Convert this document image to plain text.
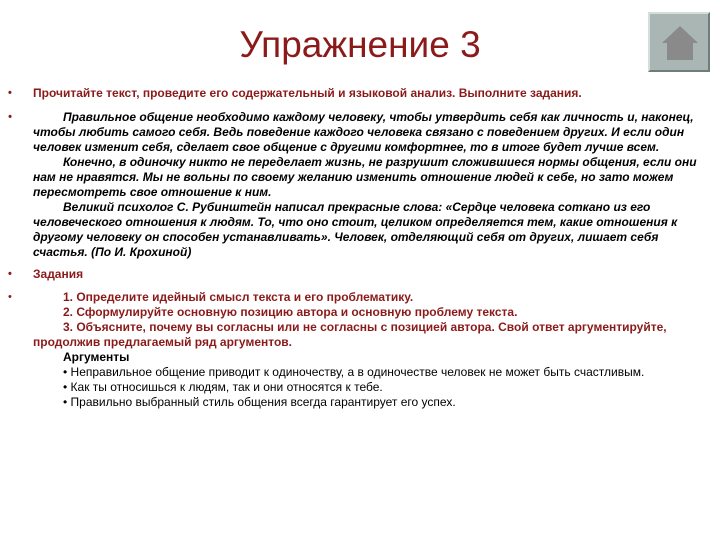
Упражнение 3
• Прочитайте текст, проведите его содержательный и языковой анализ. Выполните задания.
•	Правильное общение необходимо каждому человеку, чтобы утвердить себя как личность и, наконец, чтобы любить самого себя. Ведь поведение каждого человека связано с поведением других. И если один человек изменит себя, сделает свое общение с другими комфортнее, то в итоге будет лучше всем.

Конечно, в одиночку никто не переделает жизнь, не разрушит сложившиеся нормы общения, если они нам не нравятся. Мы не вольны по своему желанию изменить отношение людей к себе, но зато можем пересмотреть свое отношение к ним.

Великий психолог С. Рубинштейн написал прекрасные слова: «Сердце человека соткано из его человеческого отношения к людям. То, что оно стоит, целиком определяется тем, какие отношения к другому человеку он способен устанавливать». Человек, отделяющий себя от других, лишает себя счастья. (По И. Крохиной)

• Задания
•	1. Определите идейный смысл текста и его проблематику.

2. Сформулируйте основную позицию автора и основную проблему текста.

3. Объясните, почему вы согласны или не согласны с позицией автора. Свой ответ аргументируйте, продолжив предлагаемый ряд аргументов.

Аргументы

• Неправильное общение приводит к одиночеству, а в одиночестве человек не может быть счастливым.

• Как ты относишься к людям, так и они относятся к тебе.

• Правильно выбранный стиль общения всегда гарантирует его успех.
